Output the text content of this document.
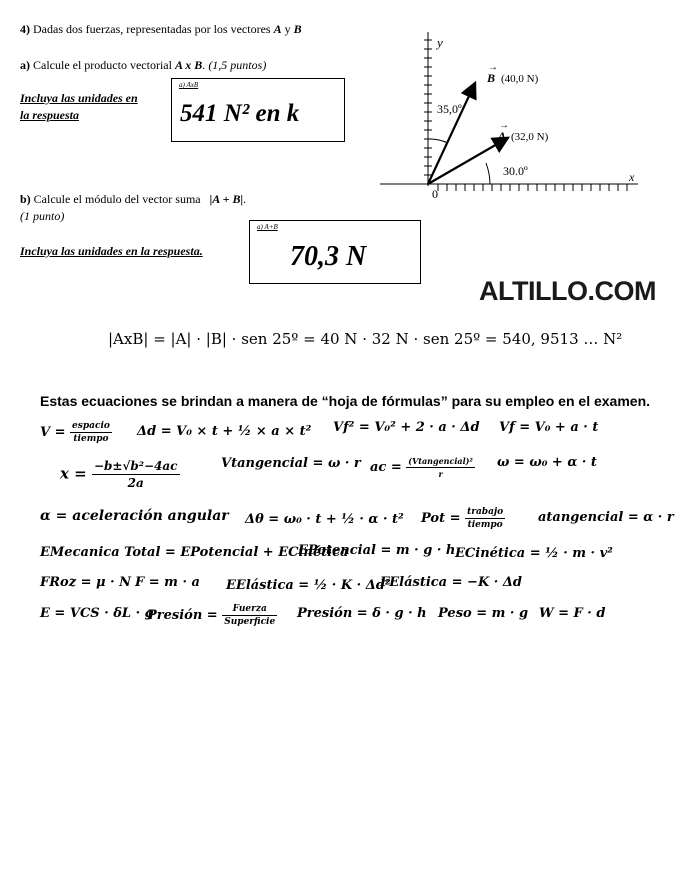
4) Dadas dos fuerzas, representadas por los vectores A y B
a) Calcule el producto vectorial A x B. (1,5 puntos)
Incluya las unidades en
la respuesta
a) AxB
541 N² en k
b) Calcule el módulo del vector suma |A + B|.
(1 punto)
Incluya las unidades en la respuesta.
a) A+B
70,3 N
y
x
0
B
→
(40,0 N)
A
→
(32,0 N)
35,0º
30.0º
ALTILLO.COM
|AxB| = |A| · |B| · sen 25º = 40 N · 32 N · sen 25º = 540, 9513 … N²
Estas ecuaciones se brindan a manera de “hoja de fórmulas” para su empleo en el examen.
$V = \frac{\text{espacio}}{\text{tiempo}}$ Δd = V₀ × t + ½ × a × t² Vf² = V₀² + 2 · a · Δd Vf = V₀ + a · t
$x = \frac{\text{−b±√b²−4ac}}{2a}$	Vtangencial = ω · r ac = $\frac{\text{(Vtangencial)²}}{r}$ ω = ω₀ + α · t
α = aceleración angular Δθ = ω₀ · t + ½ · α · t² Pot = $\frac{\text{trabajo}}{\text{tiempo}}$	atangencial = α · r
EMecanica Total = EPotencial + ECinética
EPotencial = m · g · h ECinética = ½ · m · v²
FRoz = μ · N F = m · a EElástica = ½ · K · Δd²
FElástica = −K · Δd
E = VCS · δL · g
Presión = $\frac{\text{Fuerza}}{\text{Superficie}}$ Presión = δ · g · h Peso = m · g W = F · d
